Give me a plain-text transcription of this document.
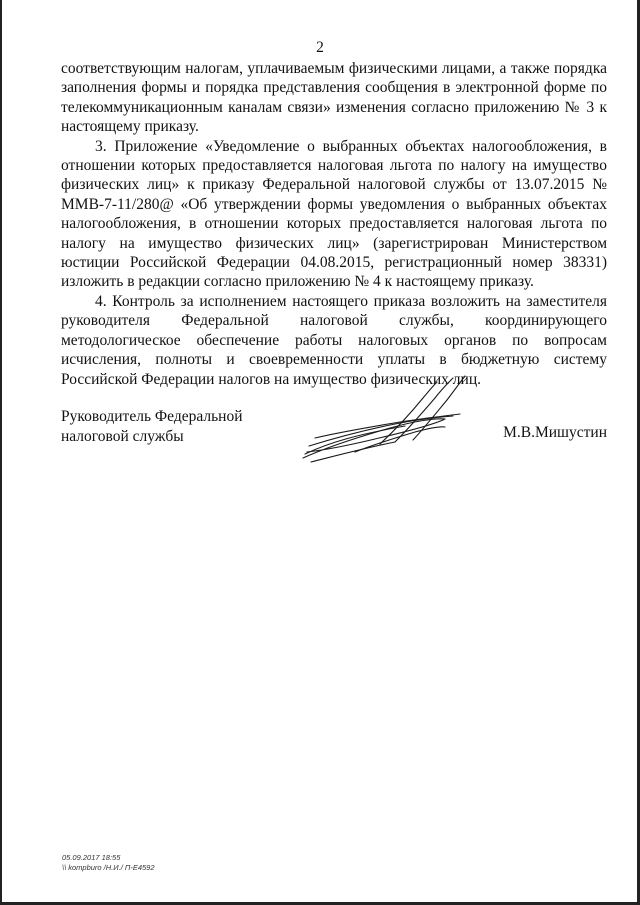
2

соответствующим налогам, уплачиваемым физическими лицами, а также порядка заполнения формы и порядка представления сообщения в электронной форме по телекоммуникационным каналам связи» изменения согласно приложению № 3 к настоящему приказу.

3. Приложение «Уведомление о выбранных объектах налогообложения, в отношении которых предоставляется налоговая льгота по налогу на имущество физических лиц» к приказу Федеральной налоговой службы от 13.07.2015 № ММВ-7-11/280@ «Об утверждении формы уведомления о выбранных объектах налогообложения, в отношении которых предоставляется налоговая льгота по налогу на имущество физических лиц» (зарегистрирован Министерством юстиции Российской Федерации 04.08.2015, регистрационный номер 38331) изложить в редакции согласно приложению № 4 к настоящему приказу.

4. Контроль за исполнением настоящего приказа возложить на заместителя руководителя Федеральной налоговой службы, координирующего методологическое обеспечение работы налоговых органов по вопросам исчисления, полноты и своевременности уплаты в бюджетную систему Российской Федерации налогов на имущество физических лиц.

Руководитель Федеральной
налоговой службы	М.В.Мишустин
05.09.2017 18:55
\\ kompburo /Н.И./ П-Е4592
